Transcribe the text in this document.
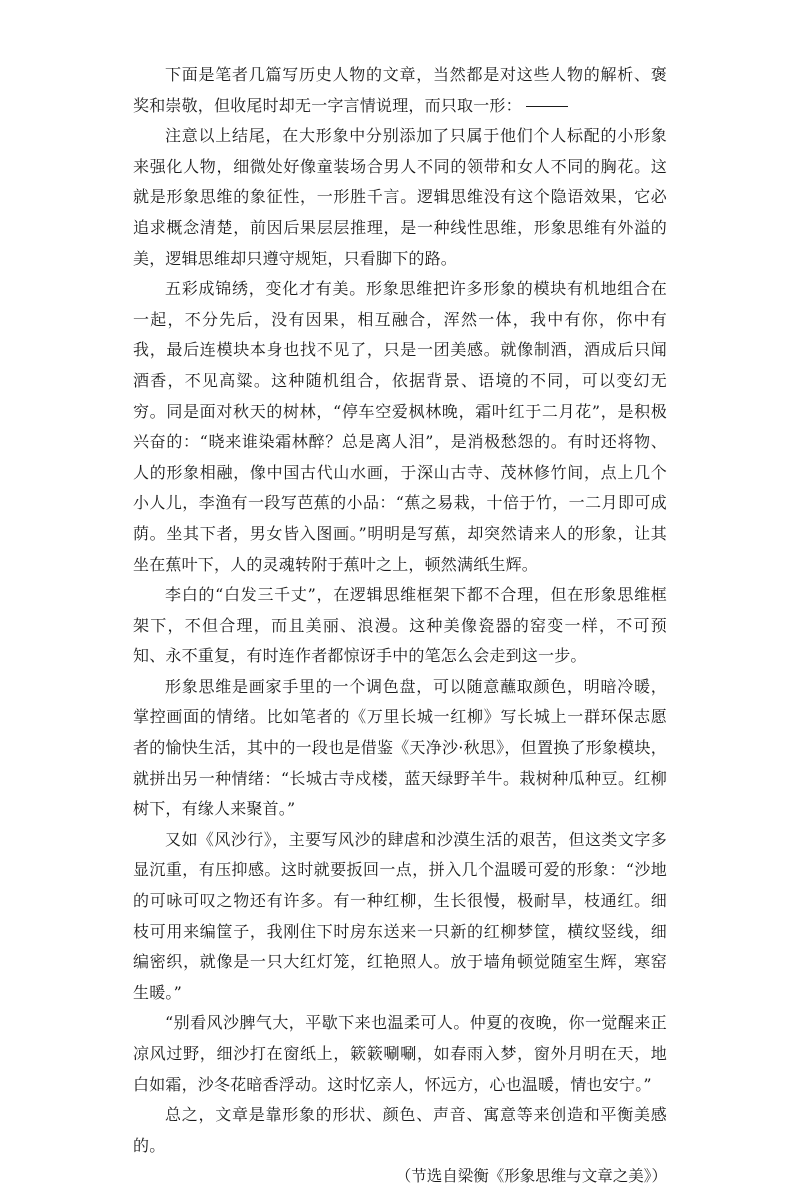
下面是笔者几篇写历史人物的文章，当然都是对这些人物的解析、褒奖和崇敬，但收尾时却无一字言情说理，而只取一形：

注意以上结尾，在大形象中分别添加了只属于他们个人标配的小形象来强化人物，细微处好像童装场合男人不同的领带和女人不同的胸花。这就是形象思维的象征性，一形胜千言。逻辑思维没有这个隐语效果，它必追求概念清楚，前因后果层层推理，是一种线性思维，形象思维有外溢的美，逻辑思维却只遵守规矩，只看脚下的路。

五彩成锦绣，变化才有美。形象思维把许多形象的模块有机地组合在一起，不分先后，没有因果，相互融合，浑然一体，我中有你，你中有我，最后连模块本身也找不见了，只是一团美感。就像制酒，酒成后只闻酒香，不见高粱。这种随机组合，依据背景、语境的不同，可以变幻无穷。同是面对秋天的树林，“停车空爱枫林晚，霜叶红于二月花”，是积极兴奋的：“晓来谁染霜林醉？总是离人泪”，是消极愁怨的。有时还将物、人的形象相融，像中国古代山水画，于深山古寺、茂林修竹间，点上几个小人儿，李渔有一段写芭蕉的小品：“蕉之易栽，十倍于竹，一二月即可成荫。坐其下者，男女皆入图画。”明明是写蕉，却突然请来人的形象，让其坐在蕉叶下，人的灵魂转附于蕉叶之上，顿然满纸生辉。

李白的“白发三千丈”，在逻辑思维框架下都不合理，但在形象思维框架下，不但合理，而且美丽、浪漫。这种美像瓷器的窑变一样，不可预知、永不重复，有时连作者都惊讶手中的笔怎么会走到这一步。

形象思维是画家手里的一个调色盘，可以随意蘸取颜色，明暗冷暖，掌控画面的情绪。比如笔者的《万里长城一红柳》写长城上一群环保志愿者的愉快生活，其中的一段也是借鉴《天净沙·秋思》，但置换了形象模块，就拼出另一种情绪：“长城古寺戍楼，蓝天绿野羊牛。栽树种瓜种豆。红柳树下，有缘人来聚首。”

又如《风沙行》，主要写风沙的肆虐和沙漠生活的艰苦，但这类文字多显沉重，有压抑感。这时就要扳回一点，拼入几个温暖可爱的形象：“沙地的可咏可叹之物还有许多。有一种红柳，生长很慢，极耐旱，枝通红。细枝可用来编筐子，我刚住下时房东送来一只新的红柳梦筐，横纹竖线，细编密织，就像是一只大红灯笼，红艳照人。放于墙角顿觉随室生辉，寒窑生暖。”

“别看风沙脾气大，平歇下来也温柔可人。仲夏的夜晚，你一觉醒来正凉风过野，细沙打在窗纸上，簌簌唰唰，如春雨入梦，窗外月明在天，地白如霜，沙冬花暗香浮动。这时忆亲人，怀远方，心也温暖，情也安宁。”

总之，文章是靠形象的形状、颜色、声音、寓意等来创造和平衡美感的。

（节选自梁衡《形象思维与文章之美》）
